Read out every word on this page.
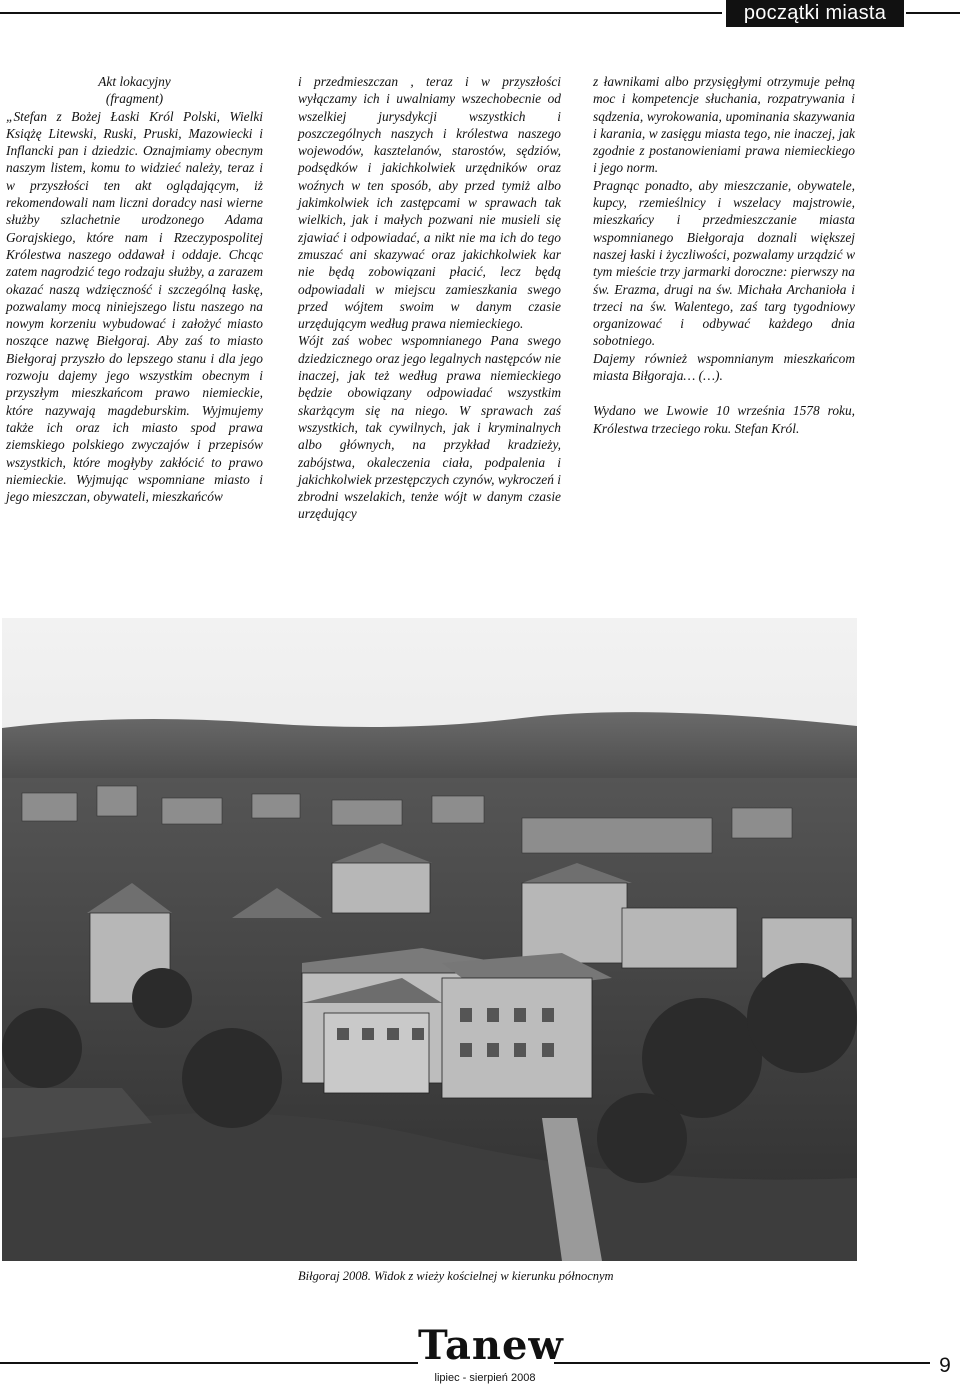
początki miasta

Akt lokacyjny

(fragment)

„Stefan z Bożej Łaski Król Polski, Wielki Książę Litewski, Ruski, Pruski, Mazowiecki i Inflancki pan i dziedzic. Oznajmiamy obecnym naszym listem, komu to widzieć należy, teraz i w przyszłości ten akt oglądającym, iż rekomendowali nam liczni doradcy nasi wierne służby szlachetnie urodzonego Adama Gorajskiego, które nam i Rzeczypospolitej Królestwa naszego oddawał i oddaje. Chcąc zatem nagrodzić tego rodzaju służby, a zarazem okazać naszą wdzięczność i szczególną łaskę, pozwalamy mocą niniejszego listu naszego na nowym korzeniu wybudować i założyć miasto noszące nazwę Biełgoraj. Aby zaś to miasto Biełgoraj przyszło do lepszego stanu i dla jego rozwoju dajemy jego wszystkim obecnym i przyszłym mieszkańcom prawo niemieckie, które nazywają magdeburskim. Wyjmujemy także ich oraz ich miasto spod prawa ziemskiego polskiego zwyczajów i przepisów wszystkich, które mogłyby zakłócić to prawo niemieckie. Wyjmując wspomniane miasto i jego mieszczan, obywateli, mieszkańców

i przedmieszczan , teraz i w przyszłości wyłączamy ich i uwalniamy wszechobecnie od wszelkiej jurysdykcji wszystkich i poszczególnych naszych i królestwa naszego wojewodów, kasztelanów, starostów, sędziów, podsędków i jakichkolwiek urzędników oraz woźnych w ten sposób, aby przed tymiż albo jakimkolwiek ich zastępcami w sprawach tak wielkich, jak i małych pozwani nie musieli się zjawiać i odpowiadać, a nikt nie ma ich do tego zmuszać ani skazywać oraz jakichkolwiek kar nie będą zobowiązani płacić, lecz będą odpowiadali w miejscu zamieszkania swego przed wójtem swoim w danym czasie urzędującym według prawa niemieckiego.

Wójt zaś wobec wspomnianego Pana swego dziedzicznego oraz jego legalnych następców nie inaczej, jak też według prawa niemieckiego będzie obowiązany odpowiadać wszystkim skarżącym się na niego. W sprawach zaś wszystkich, tak cywilnych, jak i kryminalnych albo głównych, na przykład kradzieży, zabójstwa, okaleczenia ciała, podpalenia i jakichkolwiek przestępczych czynów, wykroczeń i zbrodni wszelakich, tenże wójt w danym czasie urzędujący

z ławnikami albo przysięgłymi otrzymuje pełną moc i kompetencje słuchania, rozpatrywania i sądzenia, wyrokowania, upominania skazywania i karania, w zasięgu miasta tego, nie inaczej, jak zgodnie z postanowieniami prawa niemieckiego i jego norm.

Pragnąc ponadto, aby mieszczanie, obywatele, kupcy, rzemieślnicy i wszelacy majstrowie, mieszkańcy i przedmieszczanie miasta wspomnianego Biełgoraja doznali większej naszej łaski i życzliwości, pozwalamy urządzić w tym mieście trzy jarmarki doroczne: pierwszy na św. Erazma, drugi na św. Michała Archanioła i trzeci na św. Walentego, zaś targ tygodniowy organizować i odbywać każdego dnia sobotniego.

Dajemy również wspomnianym mieszkańcom miasta Biłgoraja… (…).

Wydano we Lwowie 10 września 1578 roku, Królestwa trzeciego roku. Stefan Król.

Biłgoraj 2008. Widok z wieży kościelnej w kierunku północnym
Tanew
lipiec - sierpień 2008
9
